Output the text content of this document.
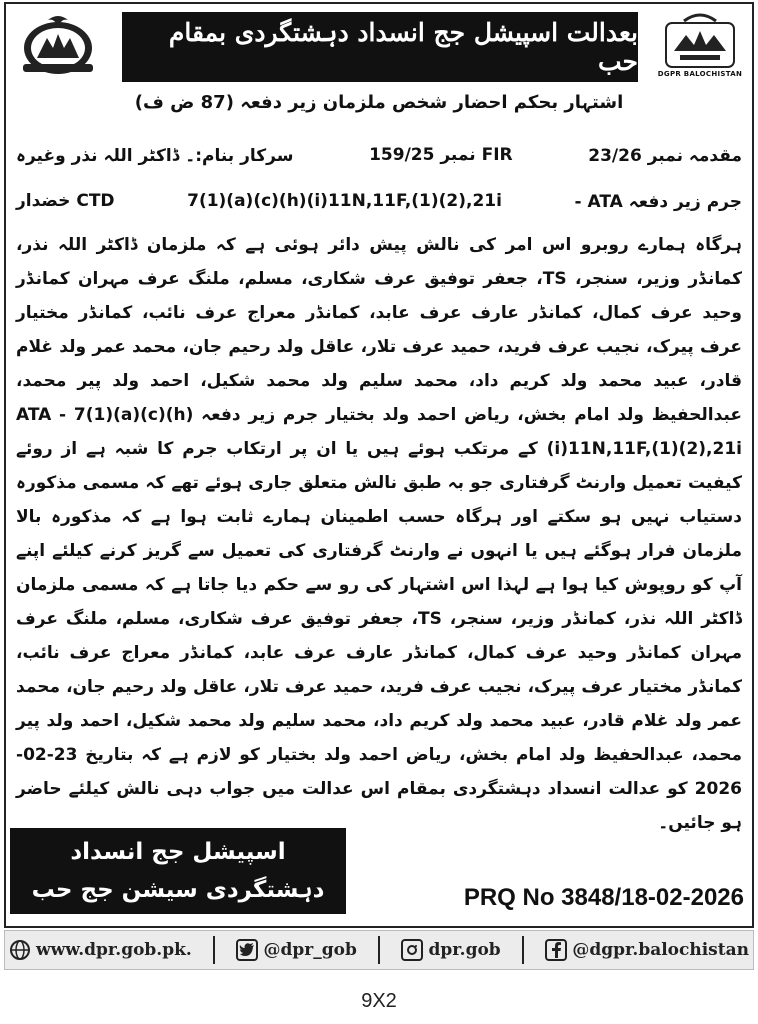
بعدالت اسپیشل جج انسداد دہشتگردی بمقام حب	DGPR BALOCHISTAN
اشتہار بحکم احضار شخص ملزمان زیر دفعہ (87 ض ف)
مقدمہ نمبر 23/26
FIR نمبر 159/25
سرکار بنام:۔ ڈاکٹر اللہ نذر وغیرہ
جرم زیر دفعہ ATA -
7(1)(a)(c)(h)(i)11N,11F,(1)(2),21i
CTD خضدار

ہرگاہ ہمارے روبرو اس امر کی نالش پیش دائر ہوئی ہے کہ ملزمان ڈاکٹر اللہ نذر، کمانڈر وزیر، سنجر، TS، جعفر توفیق عرف شکاری، مسلم، ملنگ عرف مہران کمانڈر وحید عرف کمال، کمانڈر عارف عرف عابد، کمانڈر معراج عرف نائب، کمانڈر مختیار عرف پیرک، نجیب عرف فرید، حمید عرف تلار، عاقل ولد رحیم جان، محمد عمر ولد غلام قادر، عبید محمد ولد کریم داد، محمد سلیم ولد محمد شکیل، احمد ولد پیر محمد، عبدالحفیظ ولد امام بخش، ریاض احمد ولد بختیار جرم زیر دفعہ ATA - 7(1)(a)(c)(h)(i)11N,11F,(1)(2),21i کے مرتکب ہوئے ہیں یا ان پر ارتکاب جرم کا شبہ ہے از روئے کیفیت تعمیل وارنٹ گرفتاری جو بہ طبق نالش متعلق جاری ہوئے تھے کہ مسمی مذکورہ دستیاب نہیں ہو سکتے اور ہرگاہ حسب اطمینان ہمارے ثابت ہوا ہے کہ مذکورہ بالا ملزمان فرار ہوگئے ہیں یا انہوں نے وارنٹ گرفتاری کی تعمیل سے گریز کرنے کیلئے اپنے آپ کو روپوش کیا ہوا ہے لہذا اس اشتہار کی رو سے حکم دیا جاتا ہے کہ مسمی ملزمان ڈاکٹر اللہ نذر، کمانڈر وزیر، سنجر، TS، جعفر توفیق عرف شکاری، مسلم، ملنگ عرف مہران کمانڈر وحید عرف کمال، کمانڈر عارف عرف عابد، کمانڈر معراج عرف نائب، کمانڈر مختیار عرف پیرک، نجیب عرف فرید، حمید عرف تلار، عاقل ولد رحیم جان، محمد عمر ولد غلام قادر، عبید محمد ولد کریم داد، محمد سلیم ولد محمد شکیل، احمد ولد پیر محمد، عبدالحفیظ ولد امام بخش، ریاض احمد ولد بختیار کو لازم ہے کہ بتاریخ 23-02-2026 کو عدالت انسداد دہشتگردی بمقام اس عدالت میں جواب دہی نالش کیلئے حاضر ہو جائیں۔

اسپیشل جج انسداد
دہشتگردی سیشن جج حب	PRQ No 3848/18-02-2026
www.dpr.gob.pk.	@dpr_gob	dpr.gob	@dgpr.balochistan
9X2
